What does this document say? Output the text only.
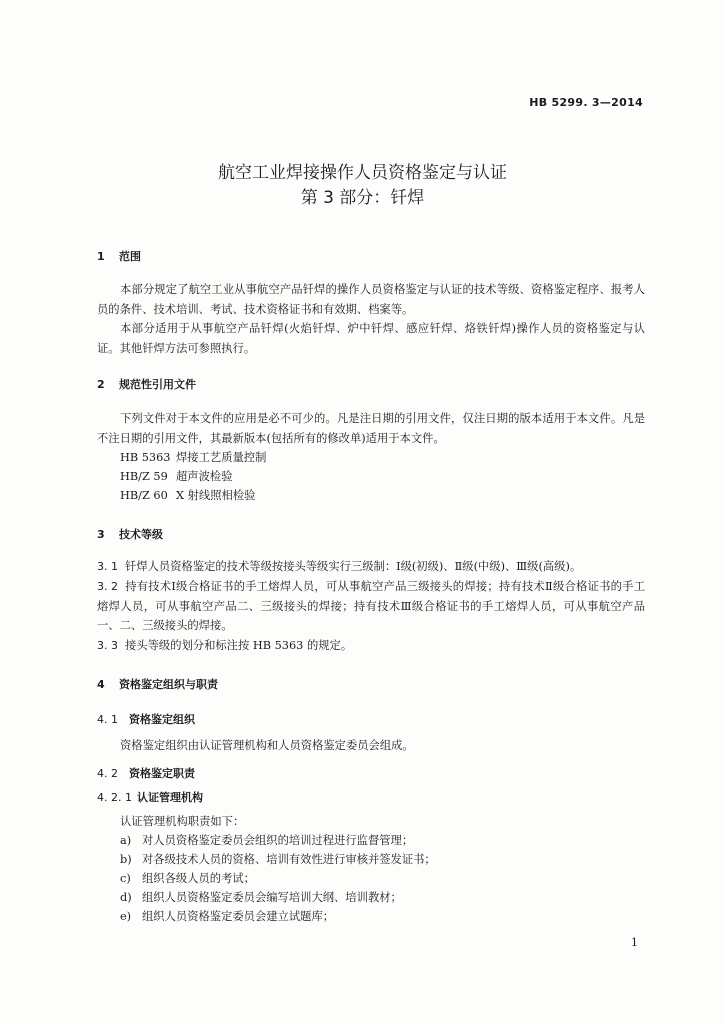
HB 5299. 3—2014
航空工业焊接操作人员资格鉴定与认证
第 3 部分：钎焊
1 范围
本部分规定了航空工业从事航空产品钎焊的操作人员资格鉴定与认证的技术等级、资格鉴定程序、报考人员的条件、技术培训、考试、技术资格证书和有效期、档案等。
本部分适用于从事航空产品钎焊(火焰钎焊、炉中钎焊、感应钎焊、烙铁钎焊)操作人员的资格鉴定与认证。其他钎焊方法可参照执行。
2 规范性引用文件
下列文件对于本文件的应用是必不可少的。凡是注日期的引用文件，仅注日期的版本适用于本文件。凡是不注日期的引用文件，其最新版本(包括所有的修改单)适用于本文件。
HB 5363 焊接工艺质量控制
HB/Z 59 超声波检验
HB/Z 60 X 射线照相检验
3 技术等级
3. 1 钎焊人员资格鉴定的技术等级按接头等级实行三级制：Ⅰ级(初级)、Ⅱ级(中级)、Ⅲ级(高级)。
3. 2 持有技术Ⅰ级合格证书的手工熔焊人员，可从事航空产品三级接头的焊接；持有技术Ⅱ级合格证书的手工熔焊人员，可从事航空产品二、三级接头的焊接；持有技术Ⅲ级合格证书的手工熔焊人员，可从事航空产品一、二、三级接头的焊接。
3. 3 接头等级的划分和标注按 HB 5363 的规定。
4 资格鉴定组织与职责
4. 1 资格鉴定组织
资格鉴定组织由认证管理机构和人员资格鉴定委员会组成。
4. 2 资格鉴定职责
4. 2. 1 认证管理机构
认证管理机构职责如下：
a) 对人员资格鉴定委员会组织的培训过程进行监督管理；
b) 对各级技术人员的资格、培训有效性进行审核并签发证书；
c) 组织各级人员的考试；
d) 组织人员资格鉴定委员会编写培训大纲、培训教材；
e) 组织人员资格鉴定委员会建立试题库；
1
